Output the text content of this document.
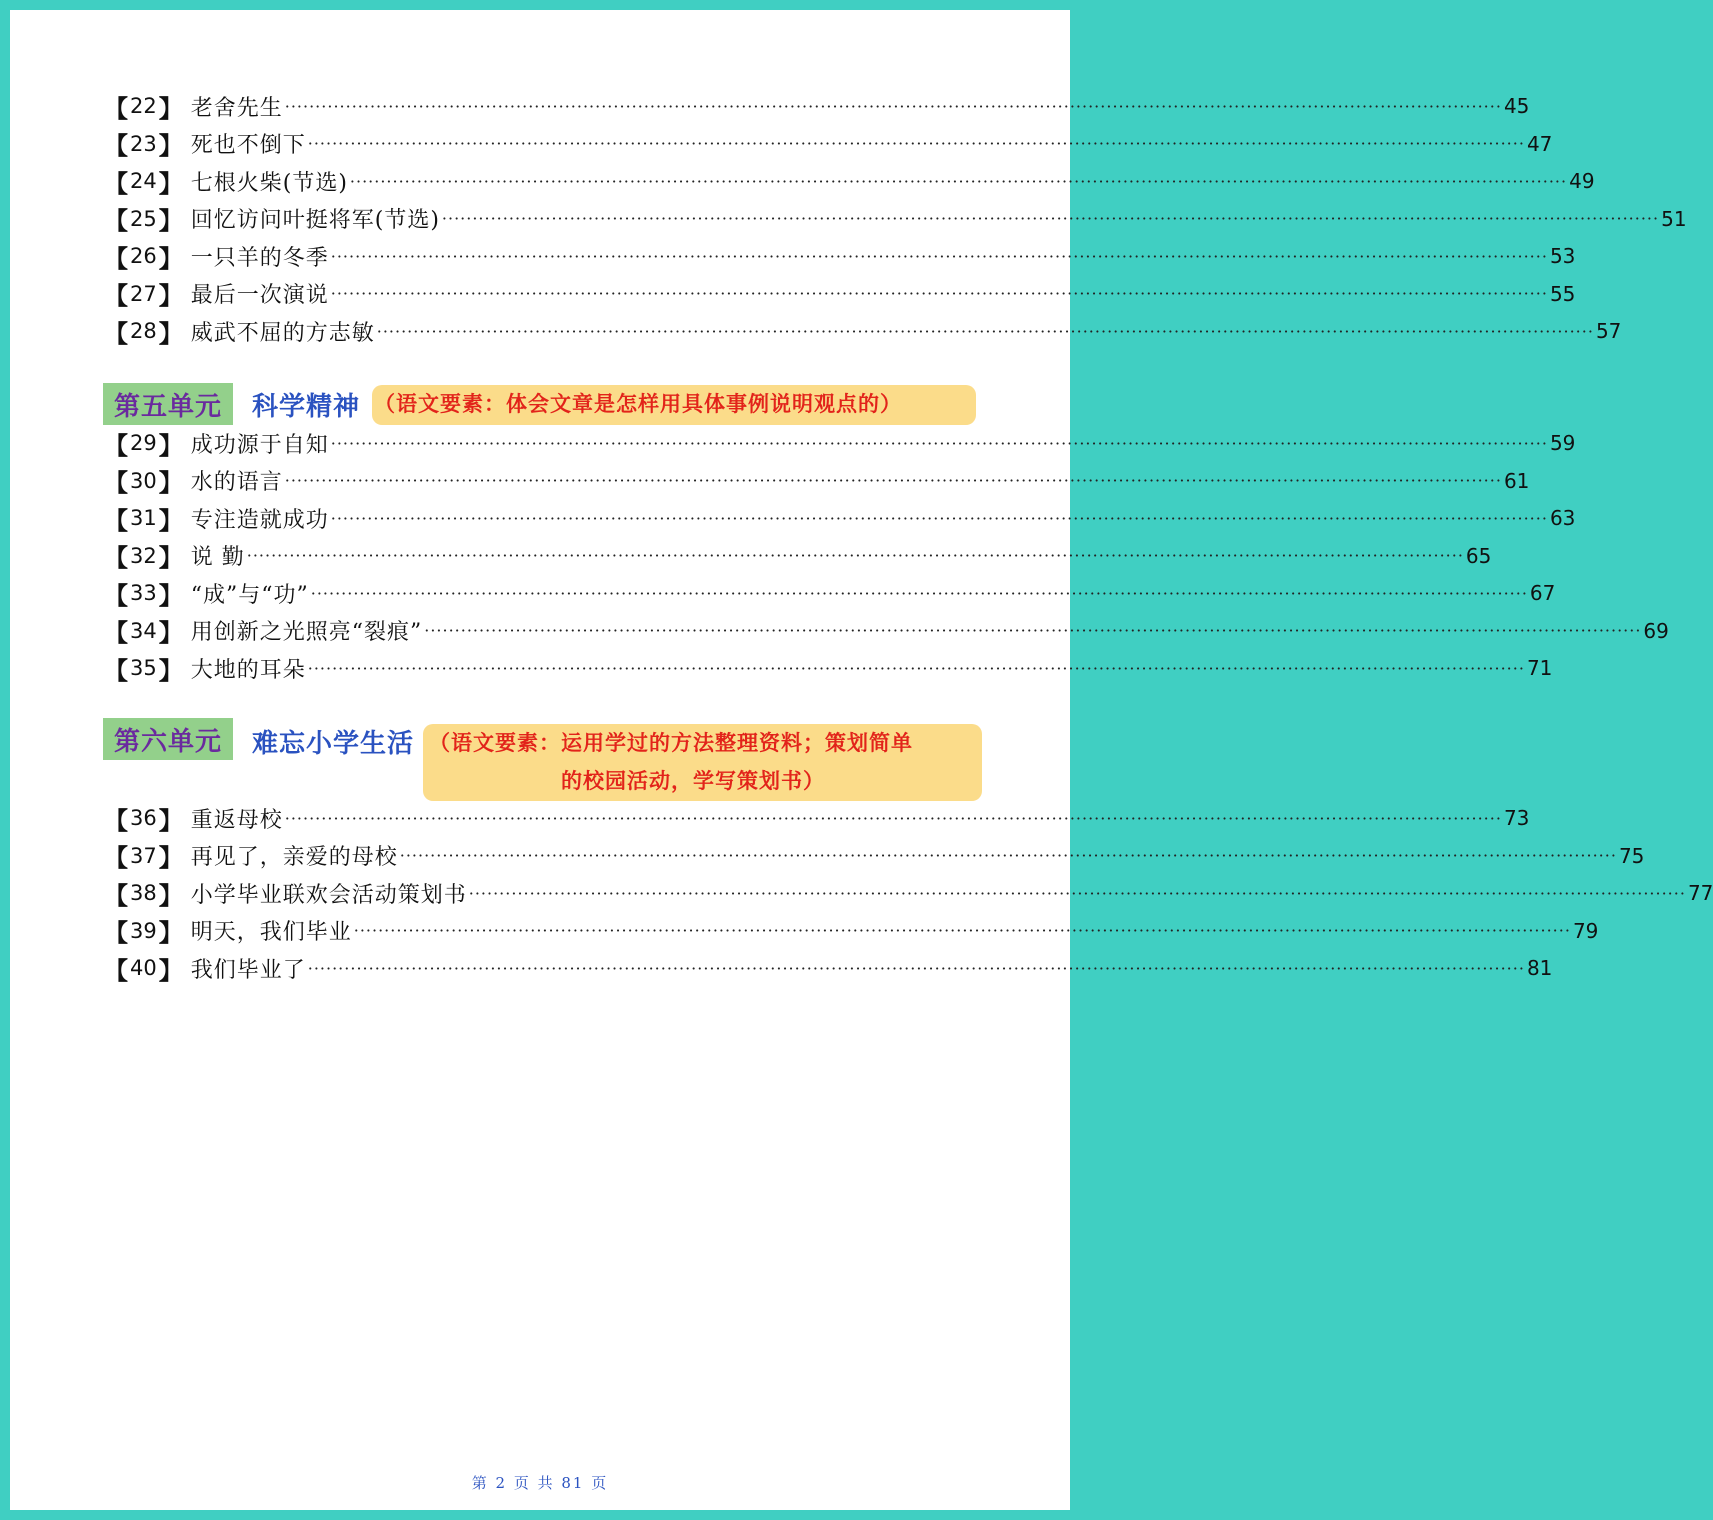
【 22 】 老舍先生 ········································································································································································································ 45
【 23 】 死也不倒下 ········································································································································································································ 47
【 24 】 七根火柴(节选) ········································································································································································································ 49
【 25 】 回忆访问叶挺将军(节选) ········································································································································································································ 51
【 26 】 一只羊的冬季 ········································································································································································································ 53
【 27 】 最后一次演说 ········································································································································································································ 55
【 28 】 威武不屈的方志敏 ········································································································································································································ 57
第五单元	科学精神 （语文要素：体会文章是怎样用具体事例说明观点的）
【 29 】 成功源于自知 ········································································································································································································ 59
【 30 】 水的语言 ········································································································································································································ 61
【 31 】 专注造就成功 ········································································································································································································ 63
【 32 】 说 勤 ········································································································································································································ 65
【 33 】 “成”与“功” ········································································································································································································ 67
【 34 】 用创新之光照亮“裂痕” ········································································································································································································ 69
【 35 】 大地的耳朵 ········································································································································································································ 71
第六单元	难忘小学生活 （语文要素：运用学过的方法整理资料；策划简单
的校园活动，学写策划书）
【 36 】 重返母校 ········································································································································································································ 73
【 37 】 再见了，亲爱的母校 ········································································································································································································ 75
【 38 】 小学毕业联欢会活动策划书 ········································································································································································································ 77
【 39 】 明天，我们毕业 ········································································································································································································ 79
【 40 】 我们毕业了 ········································································································································································································ 81
第 2 页 共 81 页
